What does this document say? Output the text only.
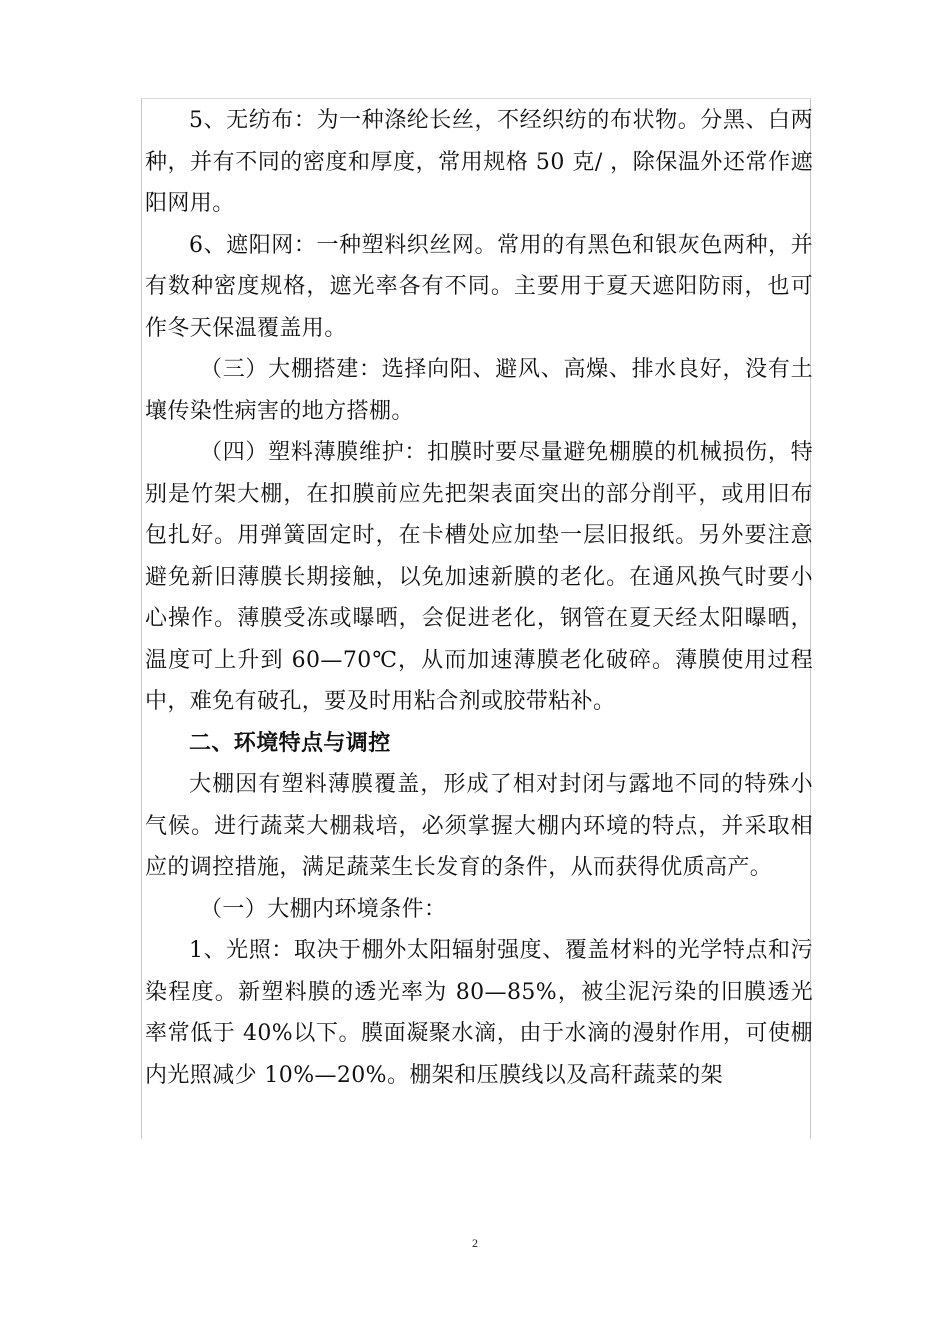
5、无纺布：为一种涤纶长丝，不经织纺的布状物。分黑、白两种，并有不同的密度和厚度，常用规格 50 克/ ，除保温外还常作遮阳网用。

6、遮阳网：一种塑料织丝网。常用的有黑色和银灰色两种，并有数种密度规格，遮光率各有不同。主要用于夏天遮阳防雨，也可作冬天保温覆盖用。

（三）大棚搭建：选择向阳、避风、高燥、排水良好，没有土壤传染性病害的地方搭棚。

（四）塑料薄膜维护：扣膜时要尽量避免棚膜的机械损伤，特别是竹架大棚，在扣膜前应先把架表面突出的部分削平，或用旧布包扎好。用弹簧固定时，在卡槽处应加垫一层旧报纸。另外要注意避免新旧薄膜长期接触，以免加速新膜的老化。在通风换气时要小心操作。薄膜受冻或曝晒，会促进老化，钢管在夏天经太阳曝晒，温度可上升到 60—70℃，从而加速薄膜老化破碎。薄膜使用过程中，难免有破孔，要及时用粘合剂或胶带粘补。

二、环境特点与调控

大棚因有塑料薄膜覆盖，形成了相对封闭与露地不同的特殊小气候。进行蔬菜大棚栽培，必须掌握大棚内环境的特点，并采取相应的调控措施，满足蔬菜生长发育的条件，从而获得优质高产。

（一）大棚内环境条件：

1、光照：取决于棚外太阳辐射强度、覆盖材料的光学特点和污染程度。新塑料膜的透光率为 80—85%，被尘泥污染的旧膜透光率常低于 40%以下。膜面凝聚水滴，由于水滴的漫射作用，可使棚内光照减少 10%—20%。棚架和压膜线以及高秆蔬菜的架

2
